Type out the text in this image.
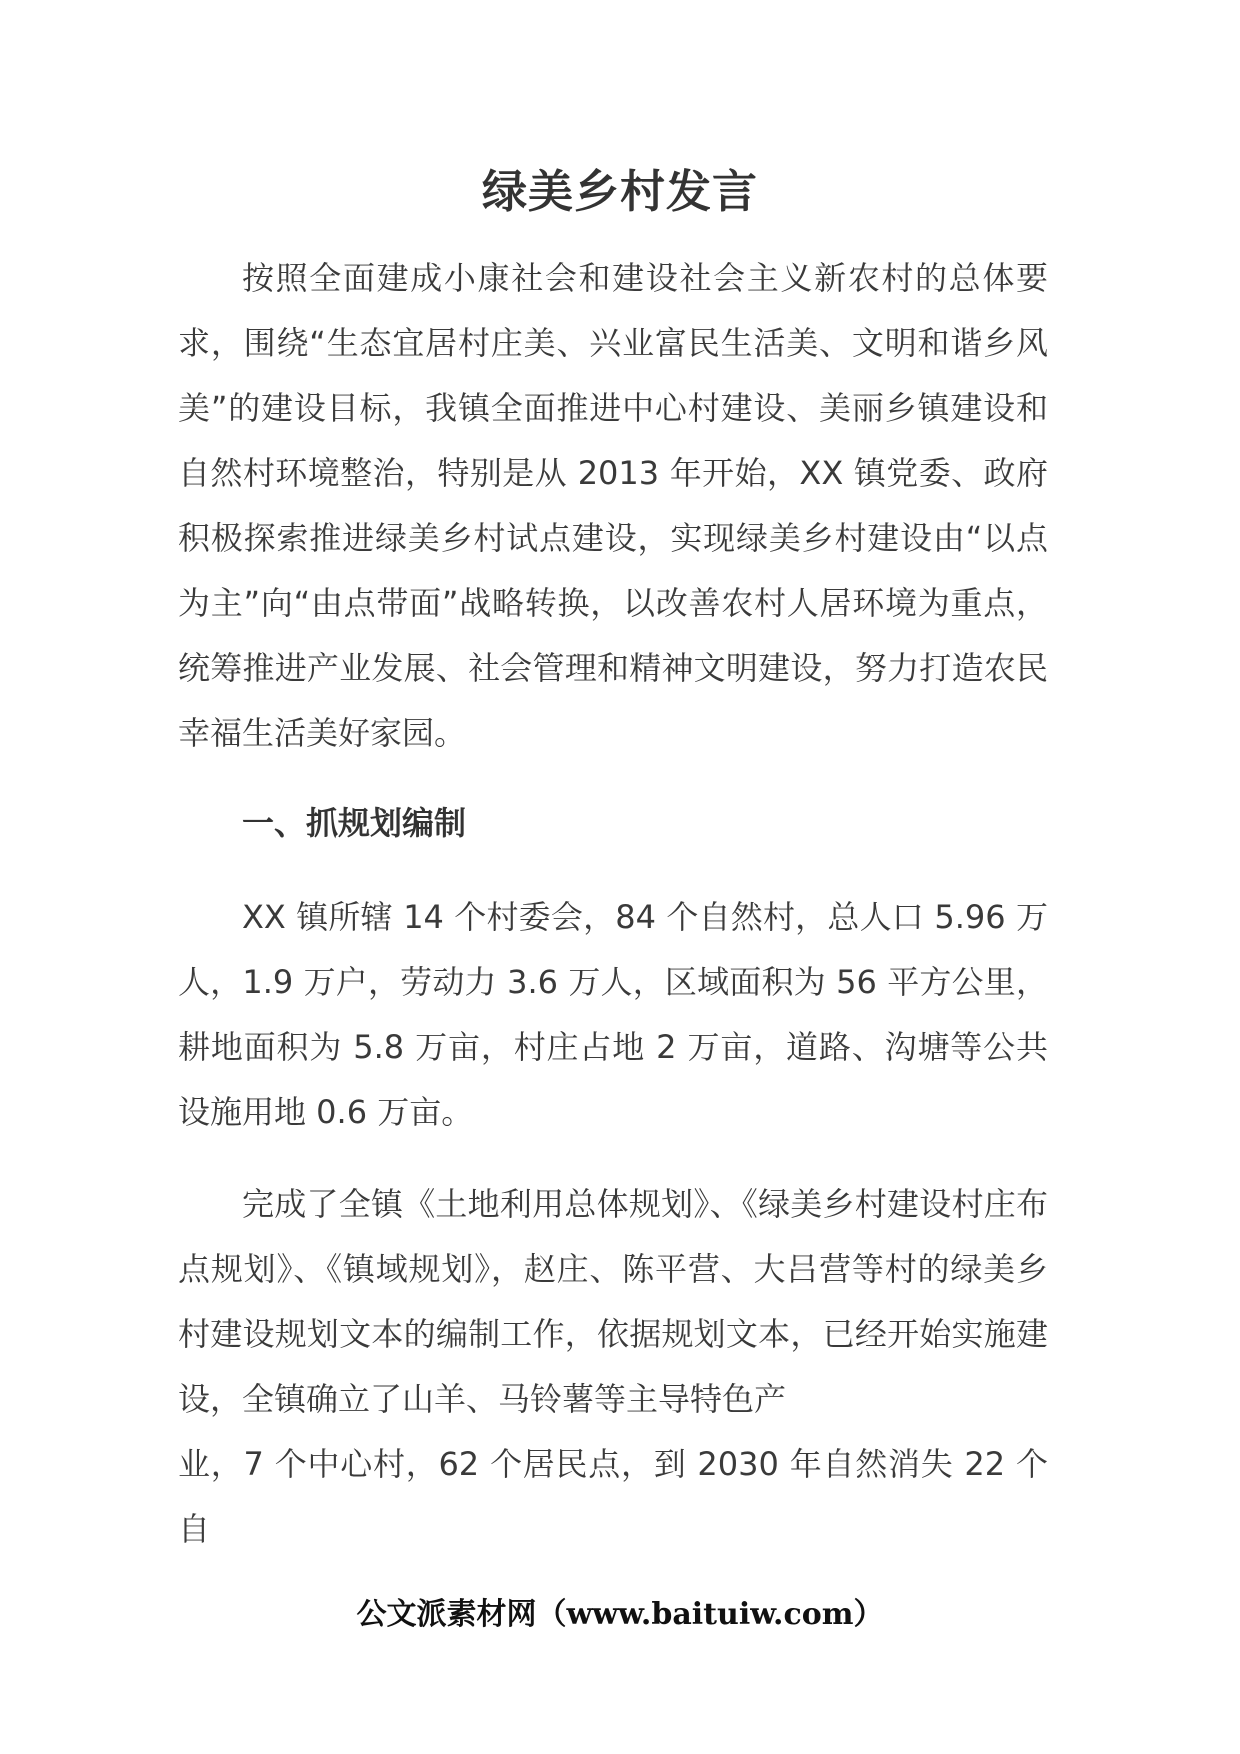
绿美乡村发言

按照全面建成小康社会和建设社会主义新农村的总体要求，围绕“生态宜居村庄美、兴业富民生活美、文明和谐乡风美”的建设目标，我镇全面推进中心村建设、美丽乡镇建设和自然村环境整治，特别是从 2013 年开始，XX 镇党委、政府积极探索推进绿美乡村试点建设，实现绿美乡村建设由“以点为主”向“由点带面”战略转换，以改善农村人居环境为重点，统筹推进产业发展、社会管理和精神文明建设，努力打造农民幸福生活美好家园。

一、抓规划编制

XX 镇所辖 14 个村委会，84 个自然村，总人口 5.96 万人，1.9 万户，劳动力 3.6 万人，区域面积为 56 平方公里，耕地面积为 5.8 万亩，村庄占地 2 万亩，道路、沟塘等公共设施用地 0.6 万亩。

完成了全镇《土地利用总体规划》、《绿美乡村建设村庄布点规划》、《镇域规划》，赵庄、陈平营、大吕营等村的绿美乡村建设规划文本的编制工作，依据规划文本，已经开始实施建设，全镇确立了山羊、马铃薯等主导特色产
业，7 个中心村，62 个居民点，到 2030 年自然消失 22 个自

公文派素材网（www.baituiw.com）
